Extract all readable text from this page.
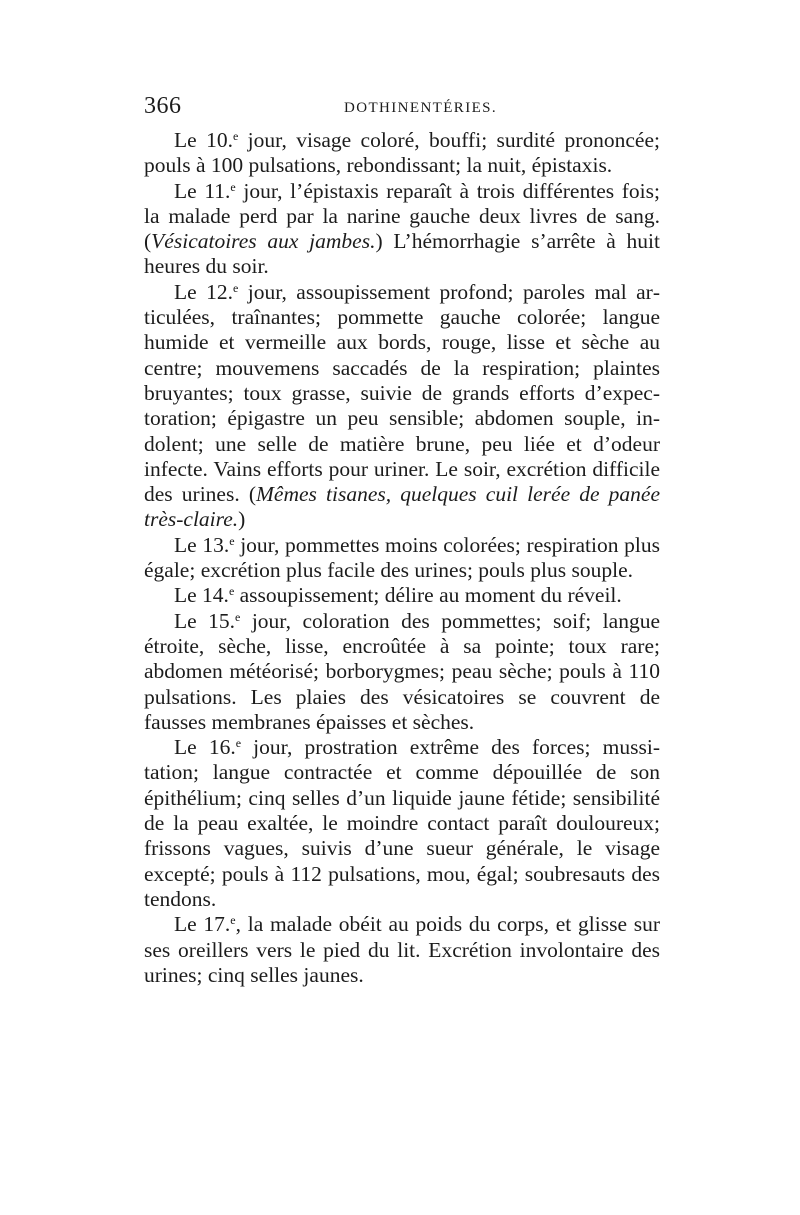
366	DOTHINENTÉRIES.

Le 10.$^e$ jour, visage coloré, bouffi; surdité prononcée; pouls à 100 pulsations, rebondissant; la nuit, épistaxis.

Le 11.$^e$ jour, l’épistaxis reparaît à trois différentes fois; la malade perd par la narine gauche deux livres de sang. (Vésicatoires aux jambes.) L’hémorrhagie s’arrête à huit heures du soir.

Le 12.$^e$ jour, assoupissement profond; paroles mal articulées, traînantes; pommette gauche colorée; langue humide et vermeille aux bords, rouge, lisse et sèche au centre; mouvemens saccadés de la respiration; plaintes bruyantes; toux grasse, suivie de grands efforts d’expectoration; épigastre un peu sensible; abdomen souple, indolent; une selle de matière brune, peu liée et d’odeur infecte. Vains efforts pour uriner. Le soir, excrétion difficile des urines. (Mêmes tisanes, quelques cuil lerée de panée très-claire.)

Le 13.$^e$ jour, pommettes moins colorées; respiration plus égale; excrétion plus facile des urines; pouls plus souple.

Le 14.$^e$ assoupissement; délire au moment du réveil.

Le 15.$^e$ jour, coloration des pommettes; soif; langue étroite, sèche, lisse, encroûtée à sa pointe; toux rare; abdomen météorisé; borborygmes; peau sèche; pouls à 110 pulsations. Les plaies des vésicatoires se couvrent de fausses membranes épaisses et sèches.

Le 16.$^e$ jour, prostration extrême des forces; mussitation; langue contractée et comme dépouillée de son épithélium; cinq selles d’un liquide jaune fétide; sensibilité de la peau exaltée, le moindre contact paraît douloureux; frissons vagues, suivis d’une sueur générale, le visage excepté; pouls à 112 pulsations, mou, égal; soubresauts des tendons.

Le 17.$^e$, la malade obéit au poids du corps, et glisse sur ses oreillers vers le pied du lit. Excrétion involontaire des urines; cinq selles jaunes.
